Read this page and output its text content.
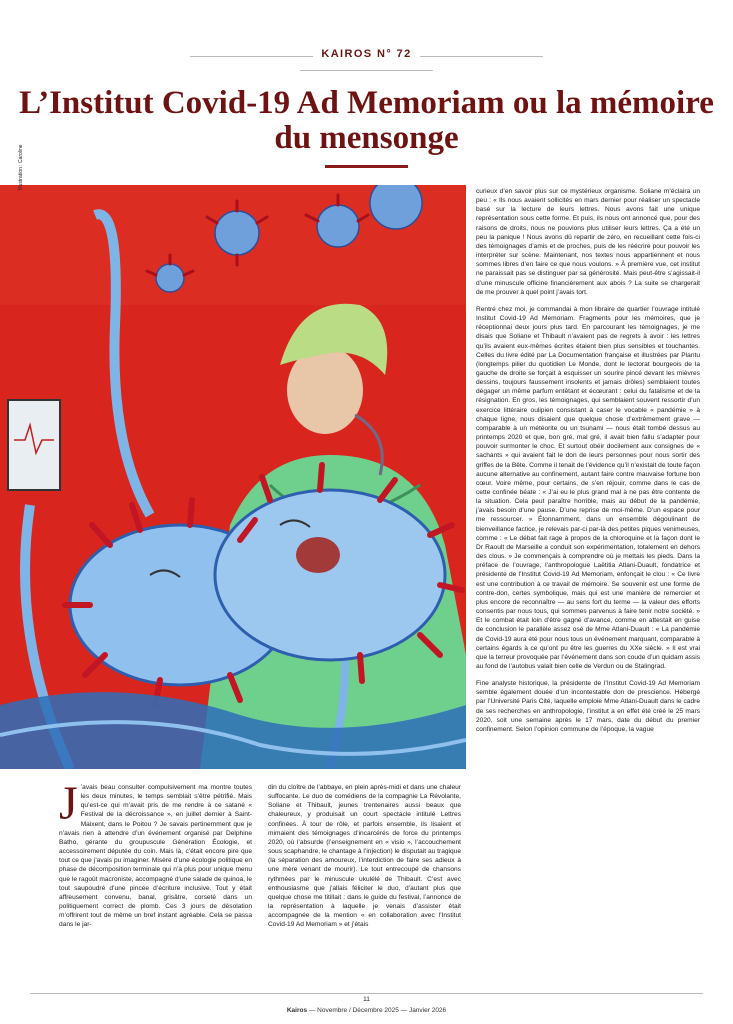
KAIROS N° 72
L’Institut Covid-19 Ad Memoriam ou la mémoire du mensonge
Illustration : Caroline

J ’avais beau consulter compulsivement ma montre toutes les deux minutes, le temps semblait s’être pétrifié. Mais qu’est-ce qui m’avait pris de me rendre à ce satané « Festival de la décroissance », en juillet dernier à Saint-Maixent, dans le Poitou ? Je savais pertinemment que je n’avais rien à attendre d’un événement organisé par Delphine Batho, gérante du groupuscule Génération Écologie, et accessoirement députée du coin. Mais là, c’était encore pire que tout ce que j’avais pu imaginer. Misère d’une écologie politique en phase de décomposition terminale qui n’a plus pour unique menu que le ragoût macroniste, accompagné d’une salade de quinoa, le tout saupoudré d’une pincée d’écriture inclusive. Tout y était affreusement convenu, banal, grisâtre, corseté dans un politiquement correct de plomb. Ces 3 jours de désolation m’offrirent tout de même un bref instant agréable. Cela se passa dans le jar-

din du cloître de l’abbaye, en plein après-midi et dans une chaleur suffocante. Le duo de comédiens de la compagnie La Révolante, Soliane et Thibault, jeunes trentenaires aussi beaux que chaleureux, y produisait un court spectacle intitulé Lettres confinées. À tour de rôle, et parfois ensemble, ils lisaient et mimaient des témoignages d’incarcérés de force du printemps 2020, où l’absurde (l’enseignement en « visio », l’accouchement sous scaphandre, le chantage à l’injection) le disputait au tragique (la séparation des amoureux, l’interdiction de faire ses adieux à une mère venant de mourir). Le tout entrecoupé de chansons rythmées par le minuscule ukulélé de Thibault. C’est avec enthousiasme que j’allais féliciter le duo, d’autant plus que quelque chose me titillait : dans le guide du festival, l’annonce de la représentation à laquelle je venais d’assister était accompagnée de la mention « en collaboration avec l’Institut Covid-19 Ad Memoriam » et j’étais

curieux d’en savoir plus sur ce mystérieux organisme. Soliane m’éclaira un peu : « Ils nous avaient sollicités en mars dernier pour réaliser un spectacle basé sur la lecture de leurs lettres. Nous avons fait une unique représentation sous cette forme. Et puis, ils nous ont annoncé que, pour des raisons de droits, nous ne pouvions plus utiliser leurs lettres. Ça a été un peu la panique ! Nous avons dû repartir de zéro, en recueillant cette fois-ci des témoignages d’amis et de proches, puis de les réécrire pour pouvoir les interpréter sur scène. Maintenant, nos textes nous appartiennent et nous sommes libres d’en faire ce que nous voulons. » À première vue, cet institut ne paraissait pas se distinguer par sa générosité. Mais peut-être s’agissait-il d’une minuscule officine financièrement aux abois ? La suite se chargerait de me prouver à quel point j’avais tort.

Rentré chez moi, je commandai à mon libraire de quartier l’ouvrage intitulé Institut Covid-19 Ad Memoriam. Fragments pour les mémoires, que je réceptionnai deux jours plus tard. En parcourant les témoignages, je me disais que Soliane et Thibault n’avaient pas de regrets à avoir : les lettres qu’ils avaient eux-mêmes écrites étaient bien plus sensibles et touchantes. Celles du livre édité par La Documentation française et illustrées par Plantu (longtemps pilier du quotidien Le Monde, dont le lectorat bourgeois de la gauche de droite se forçait à esquisser un sourire pincé devant les mièvres dessins, toujours faussement insolents et jamais drôles) semblaient toutes dégager un même parfum entêtant et écœurant : celui du fatalisme et de la résignation. En gros, les témoignages, qui semblaient souvent ressortir d’un exercice littéraire oulipien consistant à caser le vocable « pandémie » à chaque ligne, nous disaient que quelque chose d’extrêmement grave — comparable à un météorite ou un tsunami — nous était tombé dessus au printemps 2020 et que, bon gré, mal gré, il avait bien fallu s’adapter pour pouvoir surmonter le choc. Et surtout obéir docilement aux consignes de « sachants » qui avaient fait le don de leurs personnes pour nous sortir des griffes de la Bête. Comme il tenait de l’évidence qu’il n’existait de toute façon aucune alternative au confinement, autant faire contre mauvaise fortune bon cœur. Voire même, pour certains, de s’en réjouir, comme dans le cas de cette confinée béate : « J’ai eu le plus grand mal à ne pas être contente de la situation. Cela peut paraître horrible, mais au début de la pandémie, j’avais besoin d’une pause. D’une reprise de moi-même. D’un espace pour me ressourcer. » Étonnamment, dans un ensemble dégoulinant de bienveillance factice, je relevais par-ci par-là des petites piques venimeuses, comme : « Le débat fait rage à propos de la chloroquine et la façon dont le Dr Raoult de Marseille a conduit son expérimentation, totalement en dehors des clous. » Je commençais à comprendre où je mettais les pieds. Dans la préface de l’ouvrage, l’anthropologue Laëtitia Atlani-Duault, fondatrice et présidente de l’Institut Covid-19 Ad Memoriam, enfonçait le clou : « Ce livre est une contribution à ce travail de mémoire. Se souvenir est une forme de contre-don, certes symbolique, mais qui est une manière de remercier et plus encore de reconnaître — au sens fort du terme — la valeur des efforts consentis par nous tous, qui sommes parvenus à faire tenir notre société. » Et le combat était loin d’être gagné d’avance, comme en attestait en guise de conclusion le parallèle assez osé de Mme Atlani-Duault : « La pandémie de Covid-19 aura été pour nous tous un événement marquant, comparable à certains égards à ce qu’ont pu être les guerres du XXe siècle. » Il est vrai que la terreur provoquée par l’événement dans son coude d’un quidam assis au fond de l’autobus valait bien celle de Verdun ou de Stalingrad.

Fine analyste historique, la présidente de l’Institut Covid-19 Ad Memoriam semble également douée d’un incontestable don de prescience. Hébergé par l’Université Paris Cité, laquelle emploie Mme Atlani-Duault dans le cadre de ses recherches en anthropologie, l’institut a en effet été créé le 25 mars 2020, soit une semaine après le 17 mars, date du début du premier confinement. Selon l’opinion commune de l’époque, la vague

11
Kairos — Novembre / Décembre 2025 — Janvier 2026
